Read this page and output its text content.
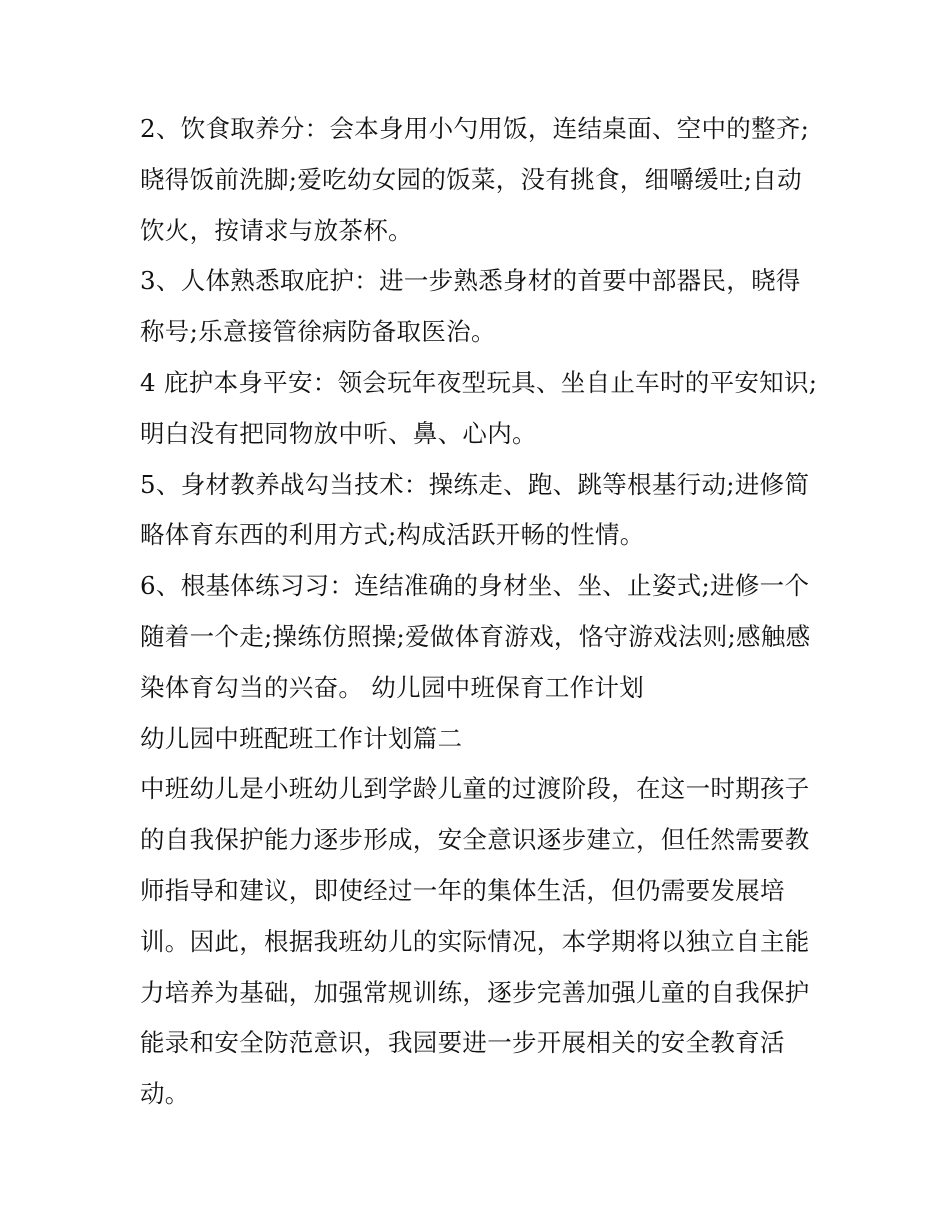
2、饮食取养分：会本身用小勺用饭，连结桌面、空中的整齐;
晓得饭前洗脚;爱吃幼女园的饭菜，没有挑食，细嚼缓吐;自动
饮火，按请求与放茶杯。
3、人体熟悉取庇护：进一步熟悉身材的首要中部器民，晓得
称号;乐意接管徐病防备取医治。
4 庇护本身平安：领会玩年夜型玩具、坐自止车时的平安知识;
明白没有把同物放中听、鼻、心内。
5、身材教养战勾当技术：操练走、跑、跳等根基行动;进修简
略体育东西的利用方式;构成活跃开畅的性情。
6、根基体练习习：连结准确的身材坐、坐、止姿式;进修一个
随着一个走;操练仿照操;爱做体育游戏，恪守游戏法则;感触感
染体育勾当的兴奋。 幼儿园中班保育工作计划
幼儿园中班配班工作计划篇二
中班幼儿是小班幼儿到学龄儿童的过渡阶段，在这一时期孩子
的自我保护能力逐步形成，安全意识逐步建立，但任然需要教
师指导和建议，即使经过一年的集体生活，但仍需要发展培
训。因此，根据我班幼儿的实际情况，本学期将以独立自主能
力培养为基础，加强常规训练，逐步完善加强儿童的自我保护
能录和安全防范意识，我园要进一步开展相关的安全教育活
动。
